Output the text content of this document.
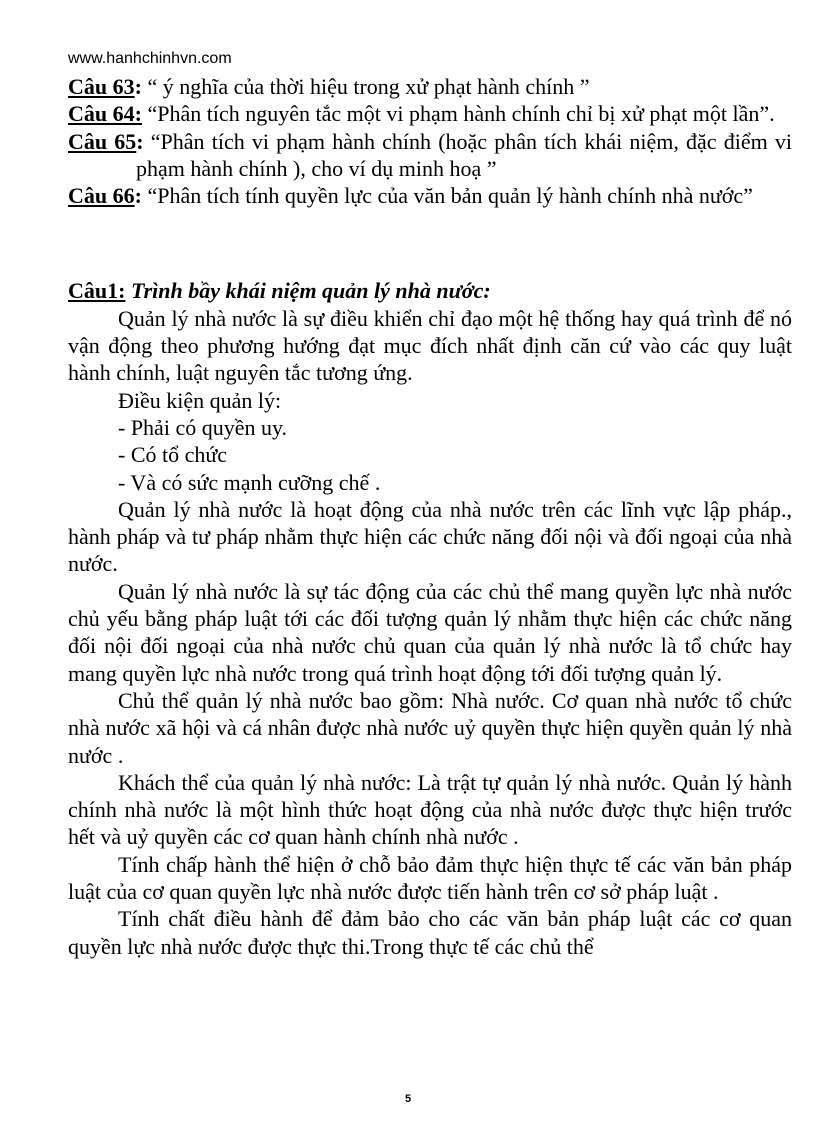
www.hanhchinhvn.com

Câu 63: “ ý nghĩa của thời hiệu trong xử phạt hành chính ”

Câu 64: “Phân tích nguyên tắc một vi phạm hành chính chỉ bị xử phạt một lần”.

Câu 65: “Phân tích vi phạm hành chính (hoặc phân tích khái niệm, đặc điểm vi phạm hành chính ), cho ví dụ minh hoạ ”

Câu 66: “Phân tích tính quyền lực của văn bản quản lý hành chính nhà nước”

Câu1: Trình bầy khái niệm quản lý nhà nước:

Quản lý nhà nước là sự điều khiển chỉ đạo một hệ thống hay quá trình để nó vận động theo phương hướng đạt mục đích nhất định căn cứ vào các quy luật hành chính, luật nguyên tắc tương ứng.

Điều kiện quản lý:

- Phải có quyền uy.

- Có tổ chức

- Và có sức mạnh cưỡng chế .

Quản lý nhà nước là hoạt động của nhà nước trên các lĩnh vực lập pháp., hành pháp và tư pháp nhằm thực hiện các chức năng đối nội và đối ngoại của nhà nước.

Quản lý nhà nước là sự tác động của các chủ thể mang quyền lực nhà nước chủ yếu bằng pháp luật tới các đối tượng quản lý nhằm thực hiện các chức năng đối nội đối ngoại của nhà nước chủ quan của quản lý nhà nước là tổ chức hay mang quyền lực nhà nước trong quá trình hoạt động tới đối tượng quản lý.

Chủ thể quản lý nhà nước bao gồm: Nhà nước. Cơ quan nhà nước tổ chức nhà nước xã hội và cá nhân được nhà nước uỷ quyền thực hiện quyền quản lý nhà nước .

Khách thể của quản lý nhà nước: Là trật tự quản lý nhà nước. Quản lý hành chính nhà nước là một hình thức hoạt động của nhà nước được thực hiện trước hết và uỷ quyền các cơ quan hành chính nhà nước .

Tính chấp hành thể hiện ở chỗ bảo đảm thực hiện thực tế các văn bản pháp luật của cơ quan quyền lực nhà nước được tiến hành trên cơ sở pháp luật .

Tính chất điều hành để đảm bảo cho các văn bản pháp luật các cơ quan quyền lực nhà nước được thực thi.Trong thực tế các chủ thể

5
